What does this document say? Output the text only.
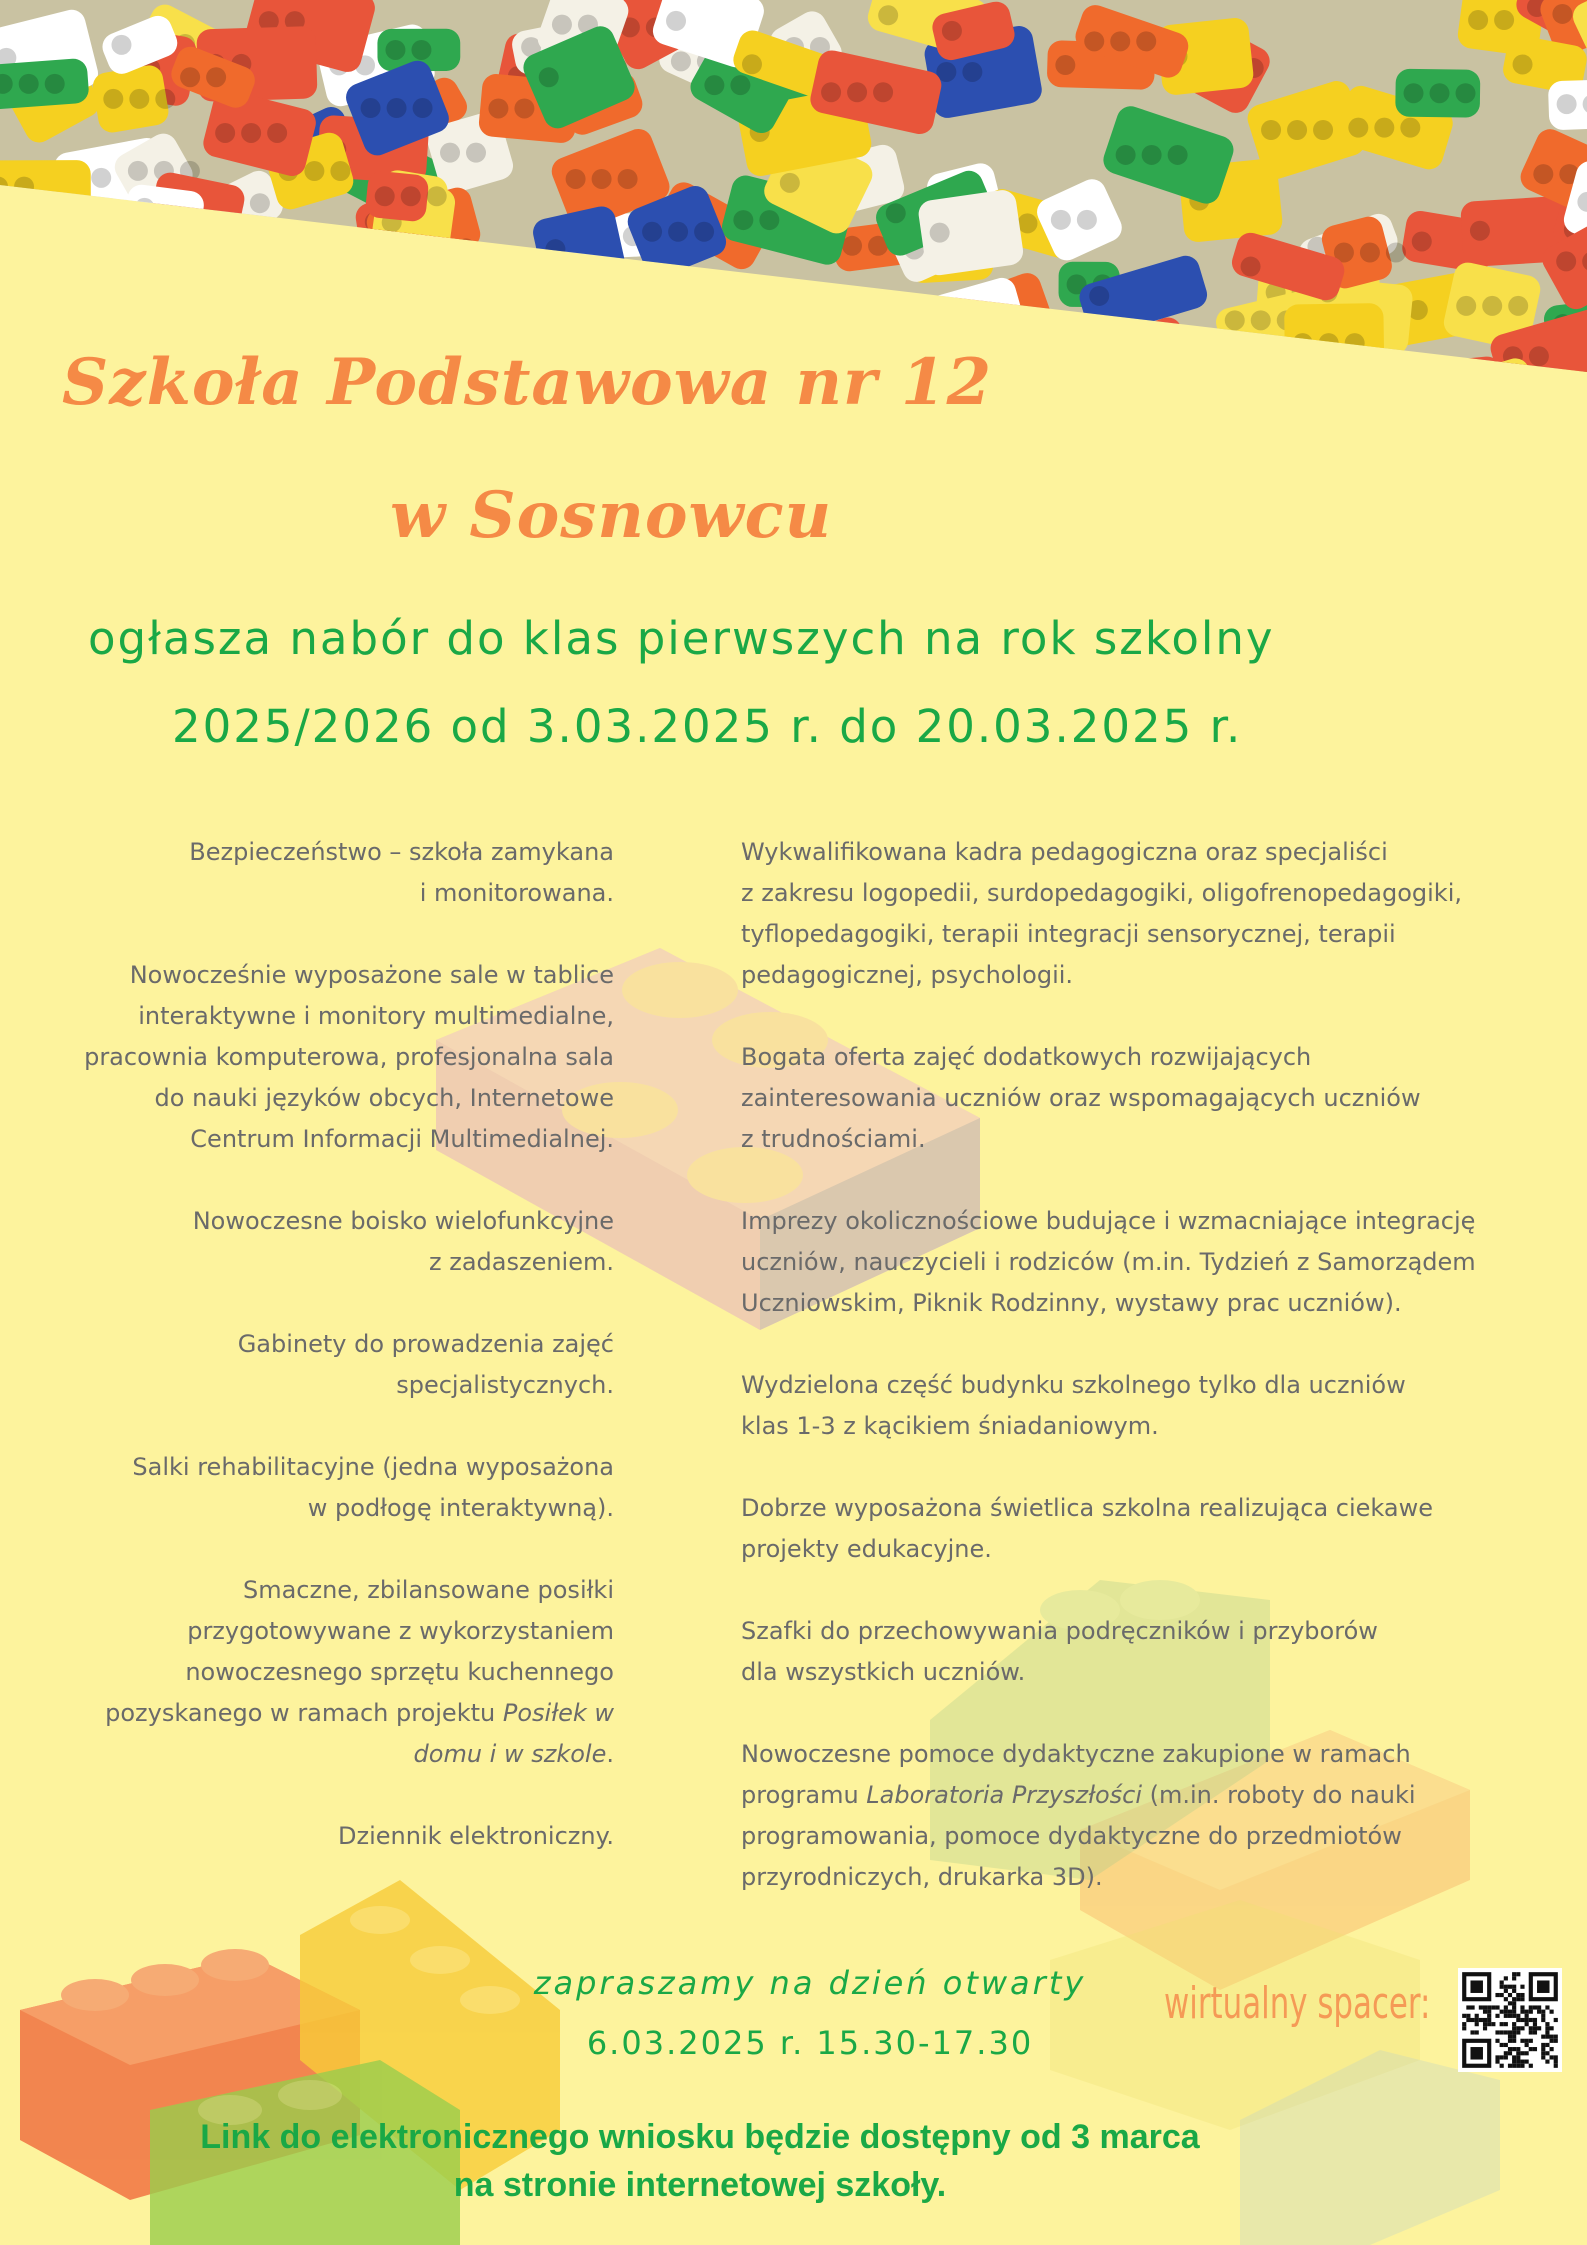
Szkoła Podstawowa nr 12
w Sosnowcu
ogłasza nabór do klas pierwszych na rok szkolny
2025/2026 od 3.03.2025 r. do 20.03.2025 r.

Bezpieczeństwo – szkoła zamykana
i monitorowana.

Nowocześnie wyposażone sale w tablice
interaktywne i monitory multimedialne,
pracownia komputerowa, profesjonalna sala
do nauki języków obcych, Internetowe
Centrum Informacji Multimedialnej.

Nowoczesne boisko wielofunkcyjne
z zadaszeniem.

Gabinety do prowadzenia zajęć
specjalistycznych.

Salki rehabilitacyjne (jedna wyposażona
w podłogę interaktywną).

Smaczne, zbilansowane posiłki
przygotowywane z wykorzystaniem
nowoczesnego sprzętu kuchennego
pozyskanego w ramach projektu Posiłek w domu i w szkole.

Dziennik elektroniczny.

Wykwalifikowana kadra pedagogiczna oraz specjaliści
z zakresu logopedii, surdopedagogiki, oligofrenopedagogiki,
tyflopedagogiki, terapii integracji sensorycznej, terapii
pedagogicznej, psychologii.

Bogata oferta zajęć dodatkowych rozwijających
zainteresowania uczniów oraz wspomagających uczniów
z trudnościami.

Imprezy okolicznościowe budujące i wzmacniające integrację
uczniów, nauczycieli i rodziców (m.in. Tydzień z Samorządem
Uczniowskim, Piknik Rodzinny, wystawy prac uczniów).

Wydzielona część budynku szkolnego tylko dla uczniów
klas 1-3 z kącikiem śniadaniowym.

Dobrze wyposażona świetlica szkolna realizująca ciekawe
projekty edukacyjne.

Szafki do przechowywania podręczników i przyborów
dla wszystkich uczniów.

Nowoczesne pomoce dydaktyczne zakupione w ramach
programu Laboratoria Przyszłości (m.in. roboty do nauki
programowania, pomoce dydaktyczne do przedmiotów
przyrodniczych, drukarka 3D).

zapraszamy na dzień otwarty
6.03.2025 r. 15.30-17.30
wirtualny spacer:
Link do elektronicznego wniosku będzie dostępny od 3 marca
na stronie internetowej szkoły.
